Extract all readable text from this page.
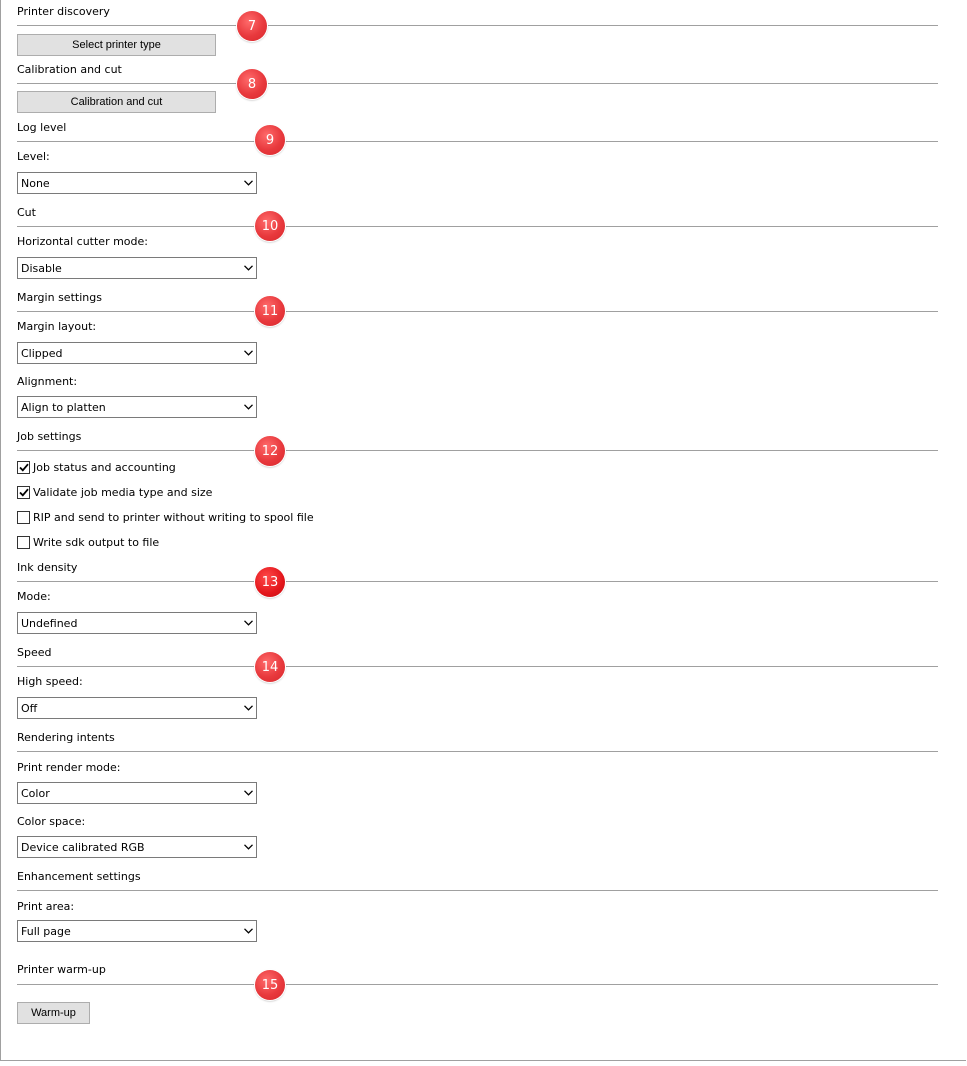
Printer discovery
7
Select printer type
Calibration and cut
8
Calibration and cut
Log level
9
Level:
None
Cut
10
Horizontal cutter mode:
Disable
Margin settings
11
Margin layout:
Clipped
Alignment:
Align to platten
Job settings
12
Job status and accounting
Validate job media type and size
RIP and send to printer without writing to spool file
Write sdk output to file
Ink density
13
Mode:
Undefined
Speed
14
High speed:
Off
Rendering intents
Print render mode:
Color
Color space:
Device calibrated RGB
Enhancement settings
Print area:
Full page
Printer warm-up
15
Warm-up
